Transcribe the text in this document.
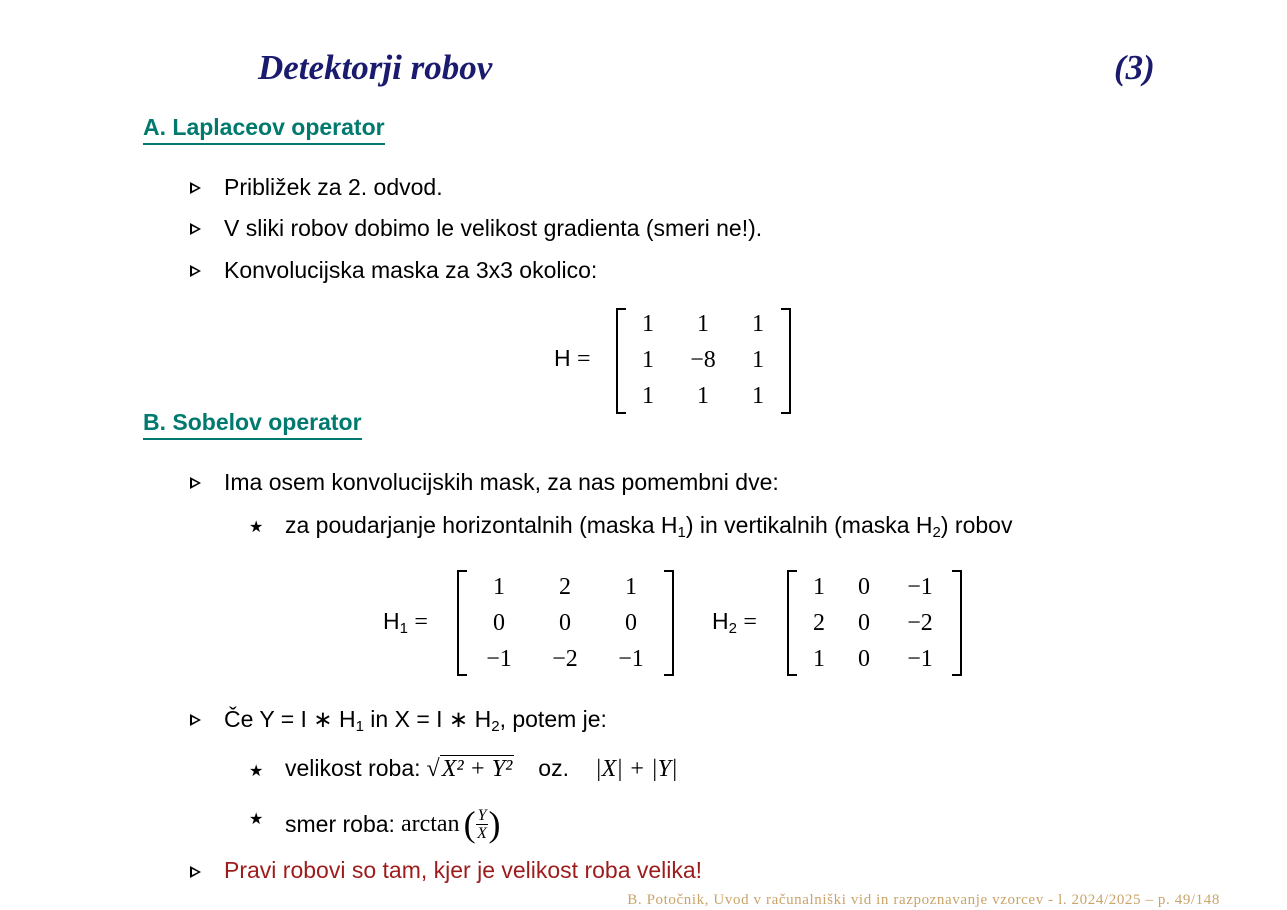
Detektorji robov	(3)
A. Laplaceov operator
Približek za 2. odvod.
V sliki robov dobimo le velikost gradienta (smeri ne!).
Konvolucijska maska za 3x3 okolico:
H =
1	1	1
1	−8	1
1	1	1
B. Sobelov operator
Ima osem konvolucijskih mask, za nas pomembni dve:
★ za poudarjanje horizontalnih (maska $H_1$) in vertikalnih (maska $H_2$) robov
$H_1$ =
1	2	1
0	0	0
−1	−2	−1
$H_2$ =
1	0	−1
2	0	−2
1	0	−1
Če Y = I ∗ $H_1$ in X = I ∗ $H_2$, potem je:
★ velikost roba: √ X² + Y² oz. |X| + |Y|
★ smer roba: arctan ( Y
X )
Pravi robovi so tam, kjer je velikost roba velika!
B. Potočnik, Uvod v računalniški vid in razpoznavanje vzorcev - l. 2024/2025 – p. 49/148
